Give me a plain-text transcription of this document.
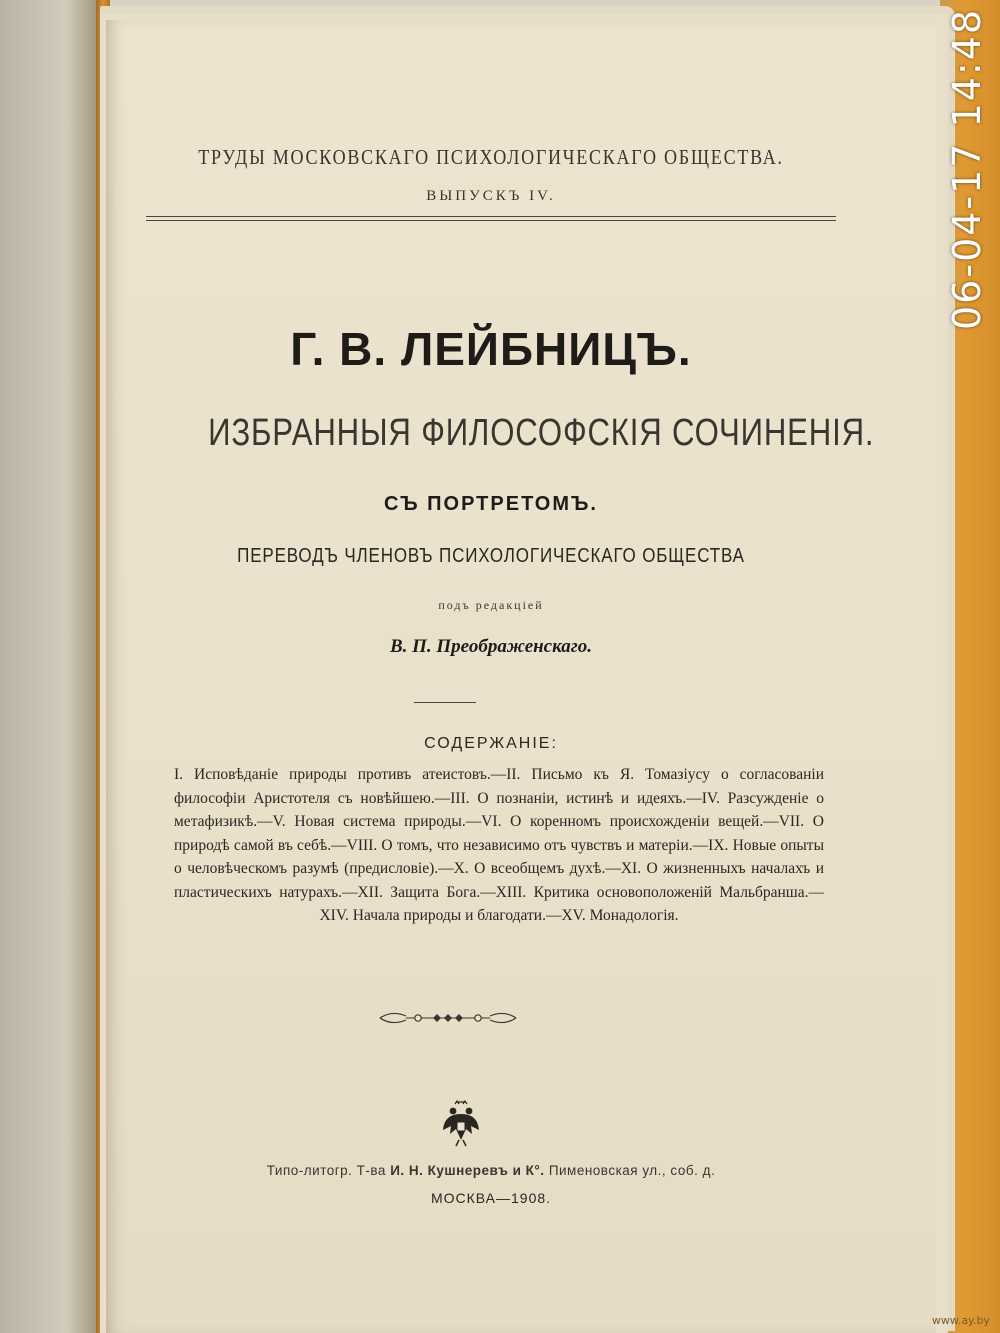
ТРУДЫ МОСКОВСКАГО ПСИХОЛОГИЧЕСКАГО ОБЩЕСТВА.
ВЫПУСКЪ IV.
Г. В. ЛЕЙБНИЦЪ.
ИЗБРАННЫЯ ФИЛОСОФСКІЯ СОЧИНЕНІЯ.
СЪ ПОРТРЕТОМЪ.
ПЕРЕВОДЪ ЧЛЕНОВЪ ПСИХОЛОГИЧЕСКАГО ОБЩЕСТВА
подъ редакціей
В. П. Преображенскаго.
СОДЕРЖАНІЕ:
I. Исповѣданіе природы противъ атеистовъ.—II. Письмо къ Я. Томазіусу о согласованіи философіи Аристотеля съ новѣйшею.—III. О познаніи, истинѣ и идеяхъ.—IV. Разсужденіе о метафизикѣ.—V. Новая система природы.—VI. О коренномъ происхожденіи вещей.—VII. О природѣ самой въ себѣ.—VIII. О томъ, что независимо отъ чувствъ и матеріи.—IX. Новые опыты о человѣческомъ разумѣ (предисловіе).—X. О всеобщемъ духѣ.—XI. О жизненныхъ началахъ и пластическихъ натурахъ.—XII. Защита Бога.—XIII. Критика основоположеній Мальбранша.—XIV. Начала природы и благодати.—XV. Монадологія.
Типо-литогр. Т-ва И. Н. Кушнеревъ и К°. Пименовская ул., соб. д.
МОСКВА—1908.
06-04-17 14:48
www.ay.by
